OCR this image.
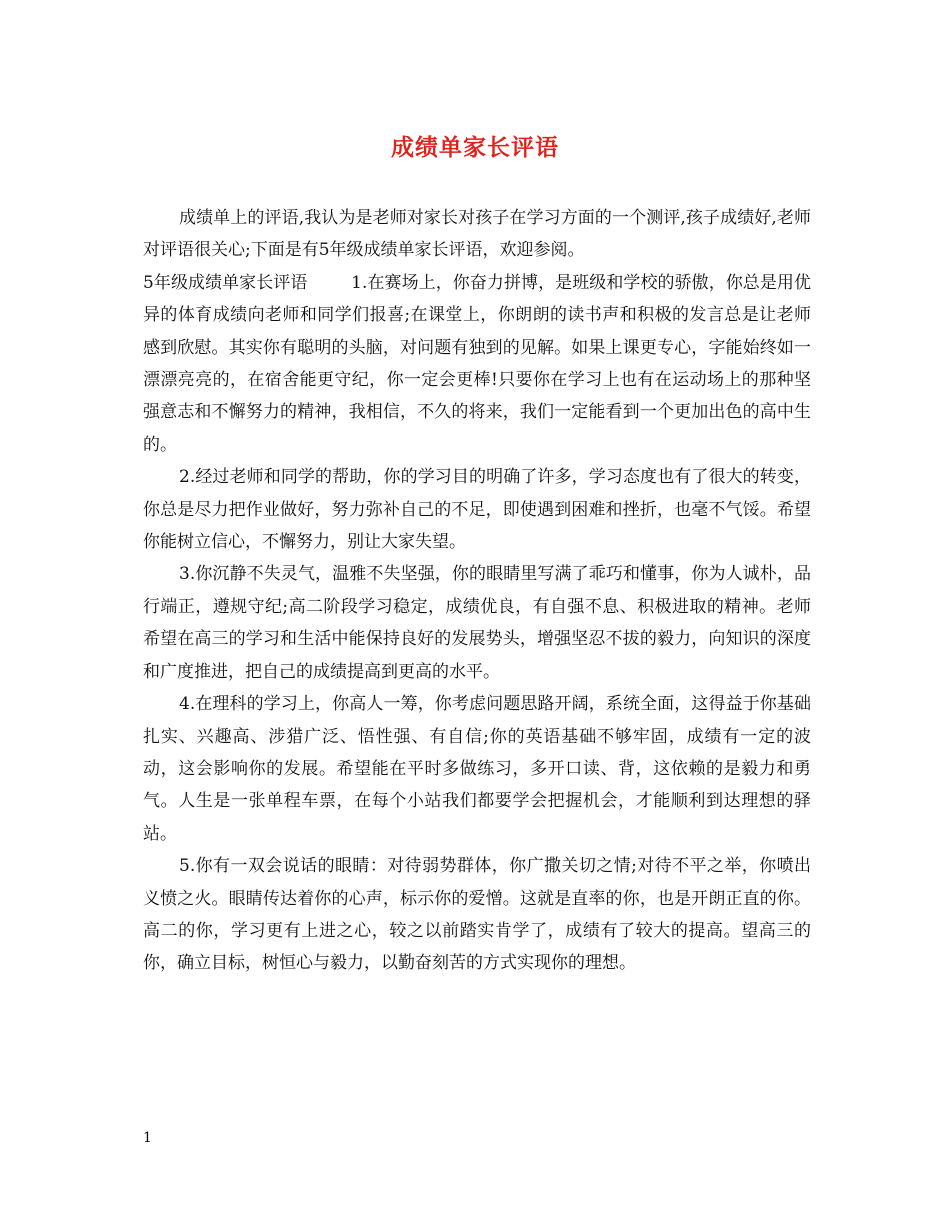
成绩单家长评语

成绩单上的评语,我认为是老师对家长对孩子在学习方面的一个测评,孩子成绩好,老师对评语很关心;下面是有5年级成绩单家长评语，欢迎参阅。

5年级成绩单家长评语	1.在赛场上，你奋力拼博，是班级和学校的骄傲，你总是用优异的体育成绩向老师和同学们报喜;在课堂上，你朗朗的读书声和积极的发言总是让老师感到欣慰。其实你有聪明的头脑，对问题有独到的见解。如果上课更专心，字能始终如一漂漂亮亮的，在宿舍能更守纪，你一定会更棒!只要你在学习上也有在运动场上的那种坚强意志和不懈努力的精神，我相信，不久的将来，我们一定能看到一个更加出色的高中生的。

2.经过老师和同学的帮助，你的学习目的明确了许多，学习态度也有了很大的转变，你总是尽力把作业做好，努力弥补自己的不足，即使遇到困难和挫折，也毫不气馁。希望你能树立信心，不懈努力，别让大家失望。

3.你沉静不失灵气，温雅不失坚强，你的眼睛里写满了乖巧和懂事，你为人诚朴，品行端正，遵规守纪;高二阶段学习稳定，成绩优良，有自强不息、积极进取的精神。老师希望在高三的学习和生活中能保持良好的发展势头，增强坚忍不拔的毅力，向知识的深度和广度推进，把自己的成绩提高到更高的水平。

4.在理科的学习上，你高人一筹，你考虑问题思路开阔，系统全面，这得益于你基础扎实、兴趣高、涉猎广泛、悟性强、有自信;你的英语基础不够牢固，成绩有一定的波动，这会影响你的发展。希望能在平时多做练习，多开口读、背，这依赖的是毅力和勇气。人生是一张单程车票，在每个小站我们都要学会把握机会，才能顺利到达理想的驿站。

5.你有一双会说话的眼睛：对待弱势群体，你广撒关切之情;对待不平之举，你喷出义愤之火。眼睛传达着你的心声，标示你的爱憎。这就是直率的你，也是开朗正直的你。高二的你，学习更有上进之心，较之以前踏实肯学了，成绩有了较大的提高。望高三的你，确立目标，树恒心与毅力，以勤奋刻苦的方式实现你的理想。

1
